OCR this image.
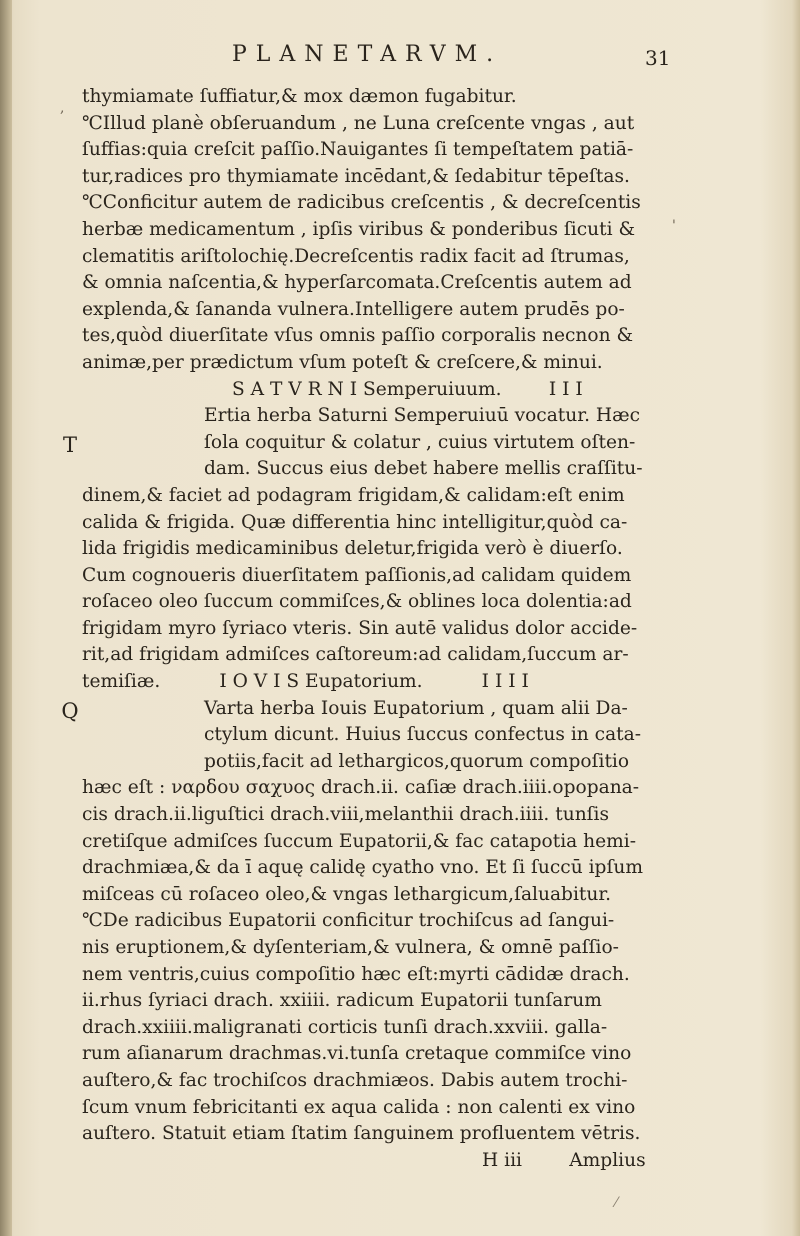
PLANETARVM.	31
,
'
T
Q
thymiamate ſuffiatur,& mox dæmon fugabitur.
℃Illud planè obſeruandum , ne Luna creſcente vngas , aut
ſuffias:quia creſcit paſſio.Nauigantes ſi tempeſtatem patiā-
tur,radices pro thymiamate incēdant,& ſedabitur tēpeſtas.
℃Conficitur autem de radicibus creſcentis , & decreſcentis
herbæ medicamentum , ipſis viribus & ponderibus ſicuti &
clematitis ariſtolochię.Decreſcentis radix facit ad ſtrumas,
& omnia naſcentia,& hyperſarcomata.Creſcentis autem ad
explenda,& ſananda vulnera.Intelligere autem prudēs po-
tes,quòd diuerſitate vſus omnis paſſio corporalis necnon &
animæ,per prædictum vſum poteſt & creſcere,& minui.
S A T V R N I Semperuiuum.        I I I
Ertia herba Saturni Semperuiuū vocatur. Hæc
ſola coquitur & colatur , cuius virtutem oſten-
dam. Succus eius debet habere mellis craſſitu-
dinem,& faciet ad podagram frigidam,& calidam:eſt enim
calida & frigida. Quæ differentia hinc intelligitur,quòd ca-
lida frigidis medicaminibus deletur,frigida verò è diuerſo.
Cum cognoueris diuerſitatem paſſionis,ad calidam quidem
roſaceo oleo ſuccum commiſces,& oblines loca dolentia:ad
frigidam myro ſyriaco vteris. Sin autē validus dolor accide-
rit,ad frigidam admiſces caſtoreum:ad calidam,ſuccum ar-
temiſiæ.          I O V I S Eupatorium.          I I I I
Varta herba Iouis Eupatorium , quam alii Da-
ctylum dicunt. Huius ſuccus confectus in cata-
potiis,facit ad lethargicos,quorum compoſitio
hæc eſt : ναρδου σαχυος drach.ii. caſiæ drach.iiii.opopana-
cis drach.ii.liguſtici drach.viii,melanthii drach.iiii. tunſis
cretiſque admiſces ſuccum Eupatorii,& fac catapotia hemi-
drachmiæa,& da ī aquę calidę cyatho vno. Et ſi ſuccū ipſum
miſceas cū roſaceo oleo,& vngas lethargicum,ſaluabitur.
℃De radicibus Eupatorii conficitur trochiſcus ad ſangui-
nis eruptionem,& dyſenteriam,& vulnera, & omnē paſſio-
nem ventris,cuius compoſitio hæc eſt:myrti cādidæ drach.
ii.rhus ſyriaci drach. xxiiii. radicum Eupatorii tunſarum
drach.xxiiii.maligranati corticis tunſi drach.xxviii. galla-
rum aſianarum drachmas.vi.tunſa cretaque commiſce vino
auſtero,& fac trochiſcos drachmiæos. Dabis autem trochi-
ſcum vnum febricitanti ex aqua calida : non calenti ex vino
auſtero. Statuit etiam ſtatim ſanguinem profluentem vētris.
H iii        Amplius
⁄
